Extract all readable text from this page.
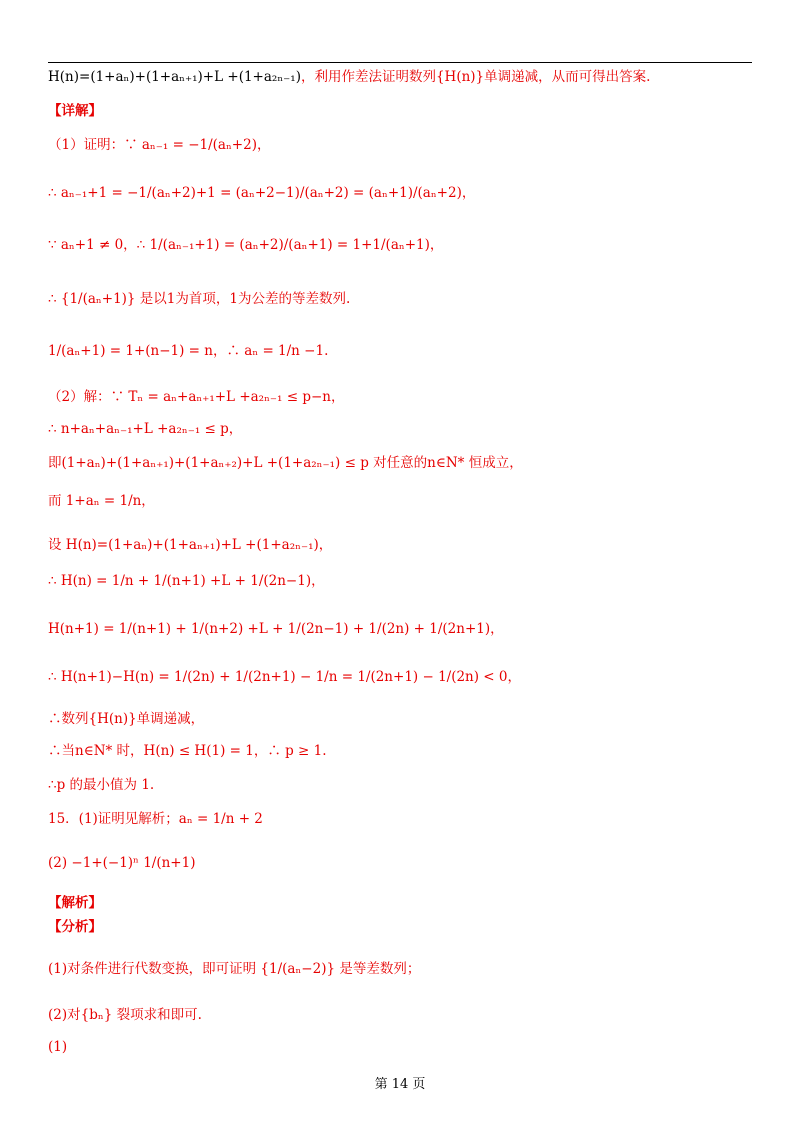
H(n)=(1+aₙ)+(1+aₙ₊₁)+L +(1+a₂ₙ₋₁)，利用作差法证明数列{H(n)}单调递减，从而可得出答案.
【详解】
（1）证明：∵ aₙ₋₁ = −1/(aₙ+2)，
∴ aₙ₋₁+1 = −1/(aₙ+2)+1 = (aₙ+2−1)/(aₙ+2) = (aₙ+1)/(aₙ+2)，
∵ aₙ+1 ≠ 0，∴ 1/(aₙ₋₁+1) = (aₙ+2)/(aₙ+1) = 1+1/(aₙ+1)，
∴ {1/(aₙ+1)} 是以1为首项，1为公差的等差数列.
1/(aₙ+1) = 1+(n−1) = n，∴ aₙ = 1/n −1.
（2）解：∵ Tₙ = aₙ+aₙ₊₁+L +a₂ₙ₋₁ ≤ p−n，
∴ n+aₙ+aₙ₋₁+L +a₂ₙ₋₁ ≤ p，
即(1+aₙ)+(1+aₙ₊₁)+(1+aₙ₊₂)+L +(1+a₂ₙ₋₁) ≤ p 对任意的n∈N* 恒成立，
而 1+aₙ = 1/n，
设 H(n)=(1+aₙ)+(1+aₙ₊₁)+L +(1+a₂ₙ₋₁)，
∴ H(n) = 1/n + 1/(n+1) +L + 1/(2n−1)，
H(n+1) = 1/(n+1) + 1/(n+2) +L + 1/(2n−1) + 1/(2n) + 1/(2n+1)，
∴ H(n+1)−H(n) = 1/(2n) + 1/(2n+1) − 1/n = 1/(2n+1) − 1/(2n) < 0，
∴数列{H(n)}单调递减，
∴当n∈N* 时，H(n) ≤ H(1) = 1，∴ p ≥ 1.
∴p 的最小值为 1.
15．(1)证明见解析；aₙ = 1/n + 2
(2) −1+(−1)ⁿ 1/(n+1)
【解析】
【分析】
(1)对条件进行代数变换，即可证明 {1/(aₙ−2)} 是等差数列；
(2)对{bₙ} 裂项求和即可.
(1)
第 14 页
